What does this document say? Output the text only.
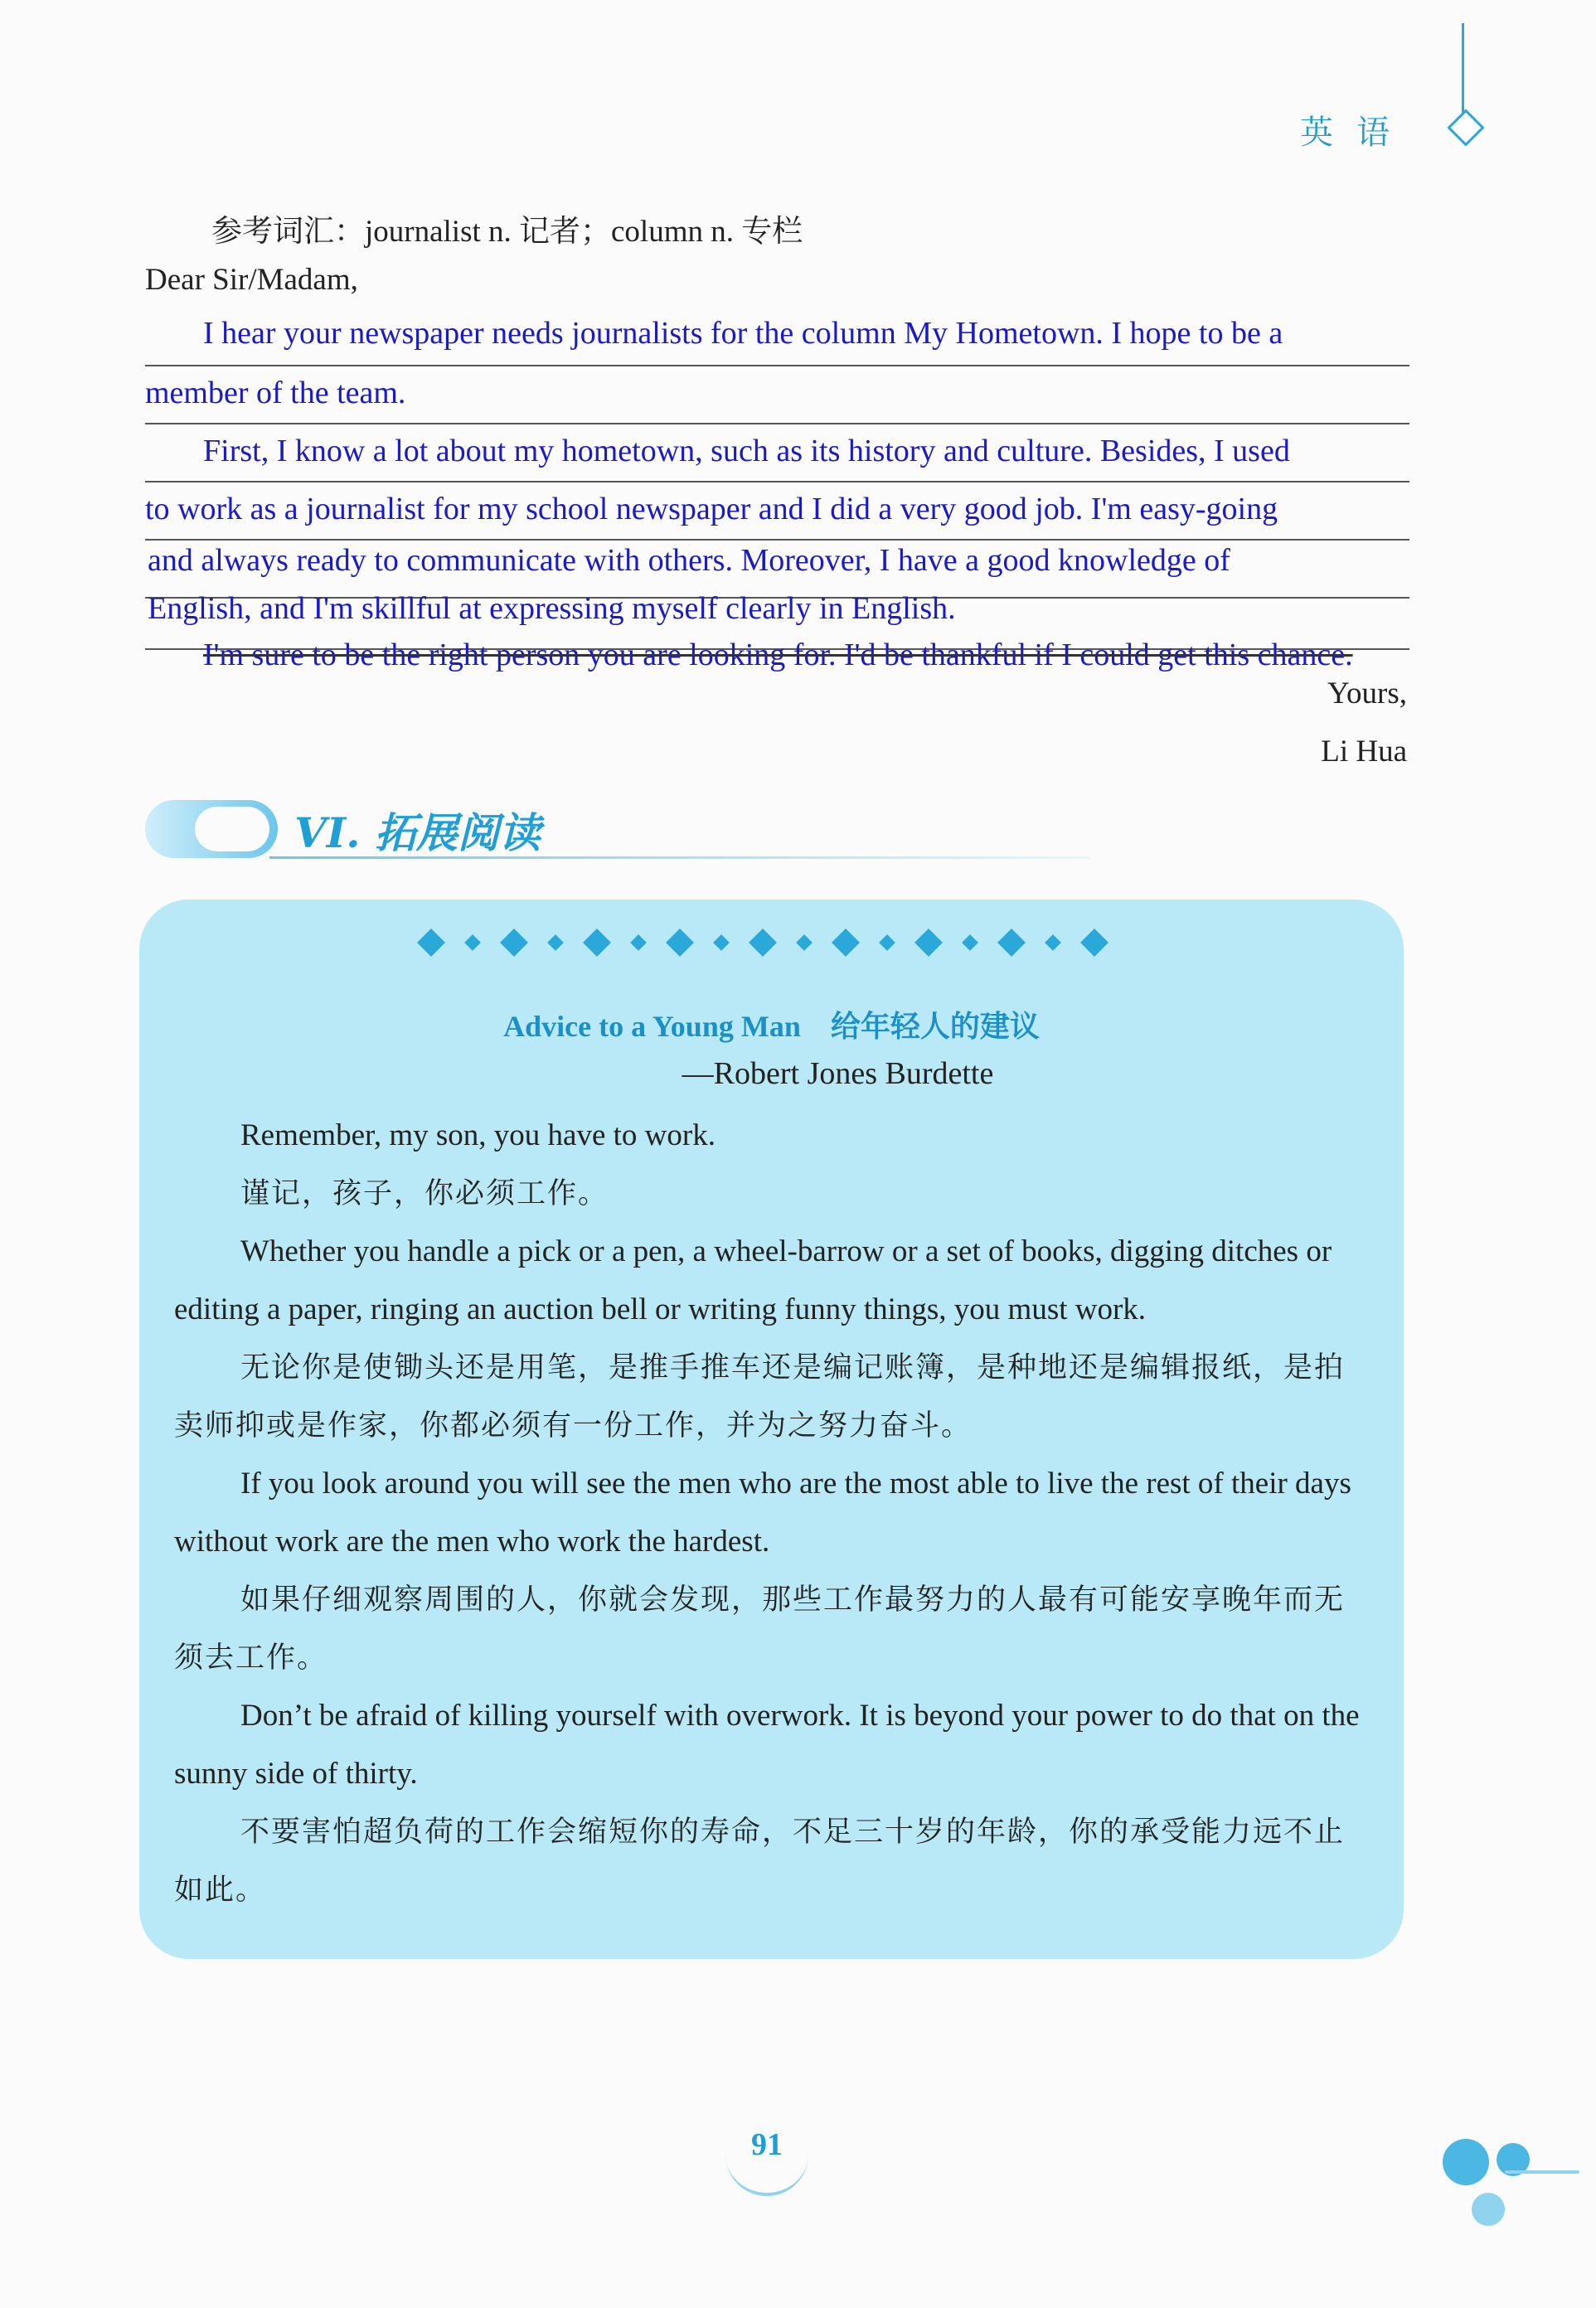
英语
参考词汇：journalist n. 记者；column n. 专栏
Dear Sir/Madam,
I hear your newspaper needs journalists for the column My Hometown. I hope to be a
member of the team.
First, I know a lot about my hometown, such as its history and culture. Besides, I used
to work as a journalist for my school newspaper and I did a very good job. I'm easy-going
and always ready to communicate with others. Moreover, I have a good knowledge of
English, and I'm skillful at expressing myself clearly in English.
I'm sure to be the right person you are looking for. I'd be thankful if I could get this chance.
Yours,
Li Hua
VI. 拓展阅读
Advice to a Young Man    给年轻人的建议
—Robert Jones Burdette
Remember, my son, you have to work.
谨记，孩子，你必须工作。
Whether you handle a pick or a pen, a wheel-barrow or a set of books, digging ditches or editing a paper, ringing an auction bell or writing funny things, you must work.
无论你是使锄头还是用笔，是推手推车还是编记账簿，是种地还是编辑报纸，是拍卖师抑或是作家，你都必须有一份工作，并为之努力奋斗。
If you look around you will see the men who are the most able to live the rest of their days without work are the men who work the hardest.
如果仔细观察周围的人，你就会发现，那些工作最努力的人最有可能安享晚年而无须去工作。
Don’t be afraid of killing yourself with overwork. It is beyond your power to do that on the sunny side of thirty.
不要害怕超负荷的工作会缩短你的寿命，不足三十岁的年龄，你的承受能力远不止如此。
91
